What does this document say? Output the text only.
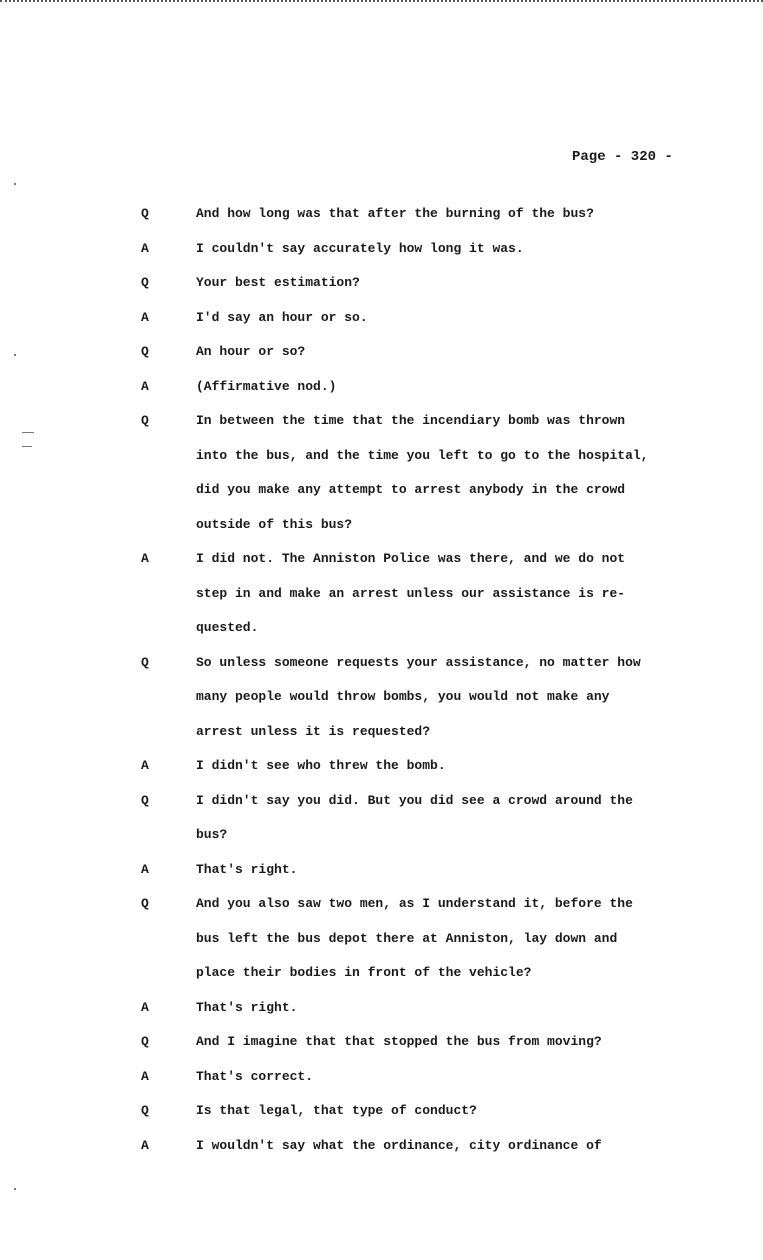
Page - 320 -
Q	And how long was that after the burning of the bus?
A	I couldn't say accurately how long it was.
Q	Your best estimation?
A	I'd say an hour or so.
Q	An hour or so?
A	(Affirmative nod.)
Q	In between the time that the incendiary bomb was thrown
into the bus, and the time you left to go to the hospital,
did you make any attempt to arrest anybody in the crowd
outside of this bus?
A	I did not. The Anniston Police was there, and we do not
step in and make an arrest unless our assistance is re-
quested.
Q	So unless someone requests your assistance, no matter how
many people would throw bombs, you would not make any
arrest unless it is requested?
A	I didn't see who threw the bomb.
Q	I didn't say you did. But you did see a crowd around the
bus?
A	That's right.
Q	And you also saw two men, as I understand it, before the
bus left the bus depot there at Anniston, lay down and
place their bodies in front of the vehicle?
A	That's right.
Q	And I imagine that that stopped the bus from moving?
A	That's correct.
Q	Is that legal, that type of conduct?
A	I wouldn't say what the ordinance, city ordinance of
